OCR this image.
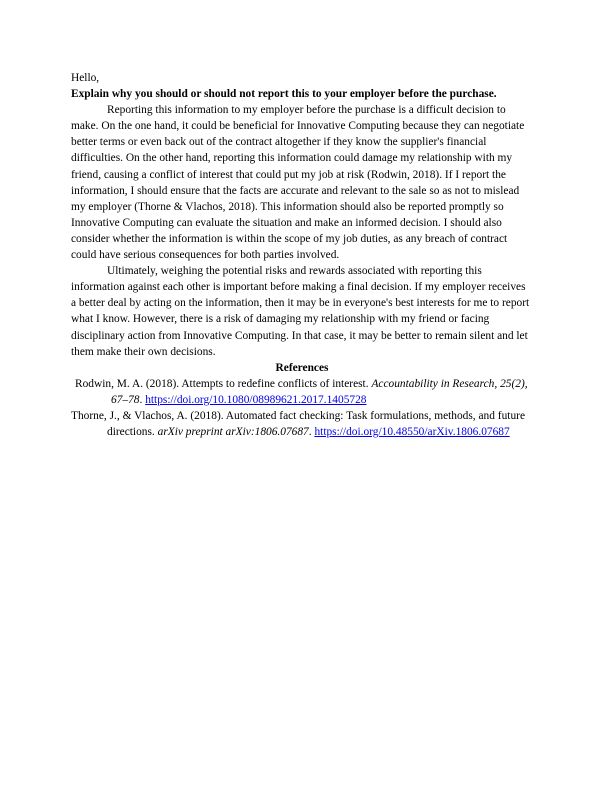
Hello,

Explain why you should or should not report this to your employer before the purchase.

Reporting this information to my employer before the purchase is a difficult decision to make. On the one hand, it could be beneficial for Innovative Computing because they can negotiate better terms or even back out of the contract altogether if they know the supplier's financial difficulties. On the other hand, reporting this information could damage my relationship with my friend, causing a conflict of interest that could put my job at risk (Rodwin, 2018). If I report the information, I should ensure that the facts are accurate and relevant to the sale so as not to mislead my employer (Thorne & Vlachos, 2018). This information should also be reported promptly so Innovative Computing can evaluate the situation and make an informed decision. I should also consider whether the information is within the scope of my job duties, as any breach of contract could have serious consequences for both parties involved.

Ultimately, weighing the potential risks and rewards associated with reporting this information against each other is important before making a final decision. If my employer receives a better deal by acting on the information, then it may be in everyone's best interests for me to report what I know. However, there is a risk of damaging my relationship with my friend or facing disciplinary action from Innovative Computing. In that case, it may be better to remain silent and let them make their own decisions.

References

Rodwin, M. A. (2018). Attempts to redefine conflicts of interest. Accountability in Research, 25(2), 67–78. https://doi.org/10.1080/08989621.2017.1405728

Thorne, J., & Vlachos, A. (2018). Automated fact checking: Task formulations, methods, and future directions. arXiv preprint arXiv:1806.07687. https://doi.org/10.48550/arXiv.1806.07687
